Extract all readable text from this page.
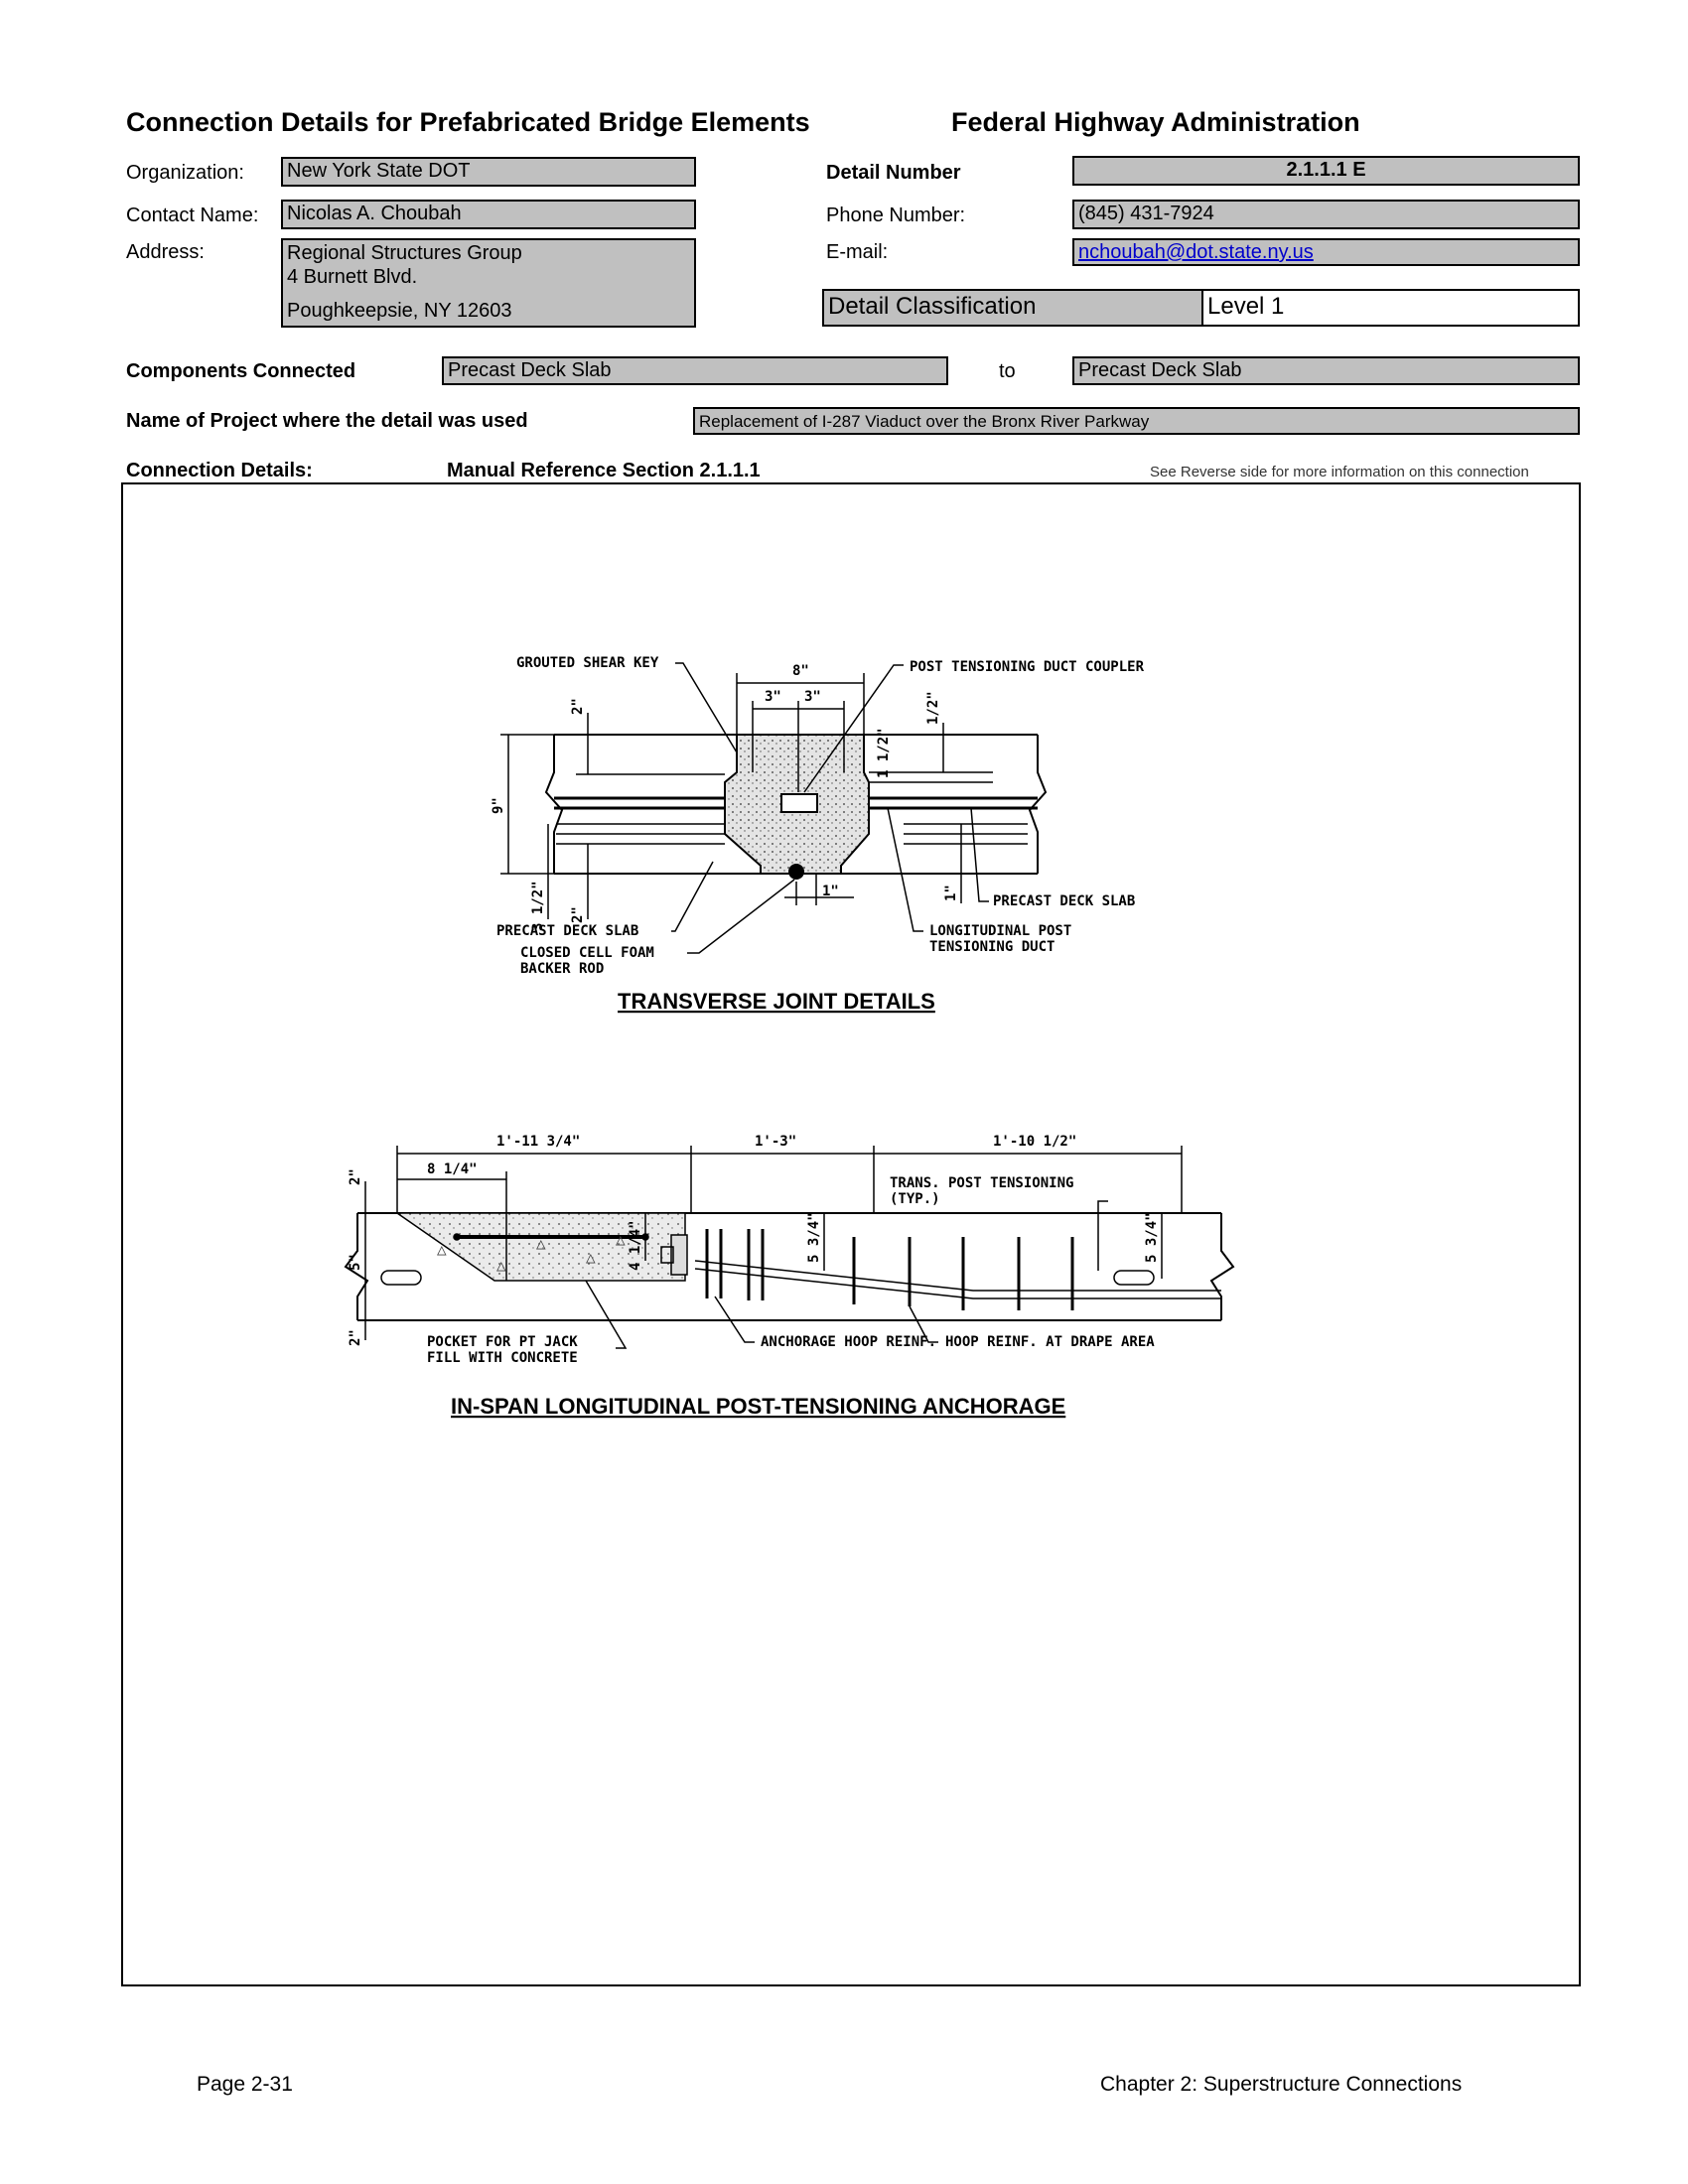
Connection Details for Prefabricated Bridge Elements	Federal Highway Administration
Organization:	New York State DOT
Contact Name:	Nicolas A. Choubah
Address:	Regional Structures Group
4 Burnett Blvd.
Poughkeepsie, NY 12603
Detail Number	2.1.1.1 E
Phone Number:	(845) 431-7924
E-mail:	nchoubah@dot.state.ny.us
Detail Classification	Level 1
Components Connected	Precast Deck Slab	to	Precast Deck Slab
Name of Project where the detail was used	Replacement of I-287 Viaduct over the Bronx River Parkway
Connection Details:	Manual Reference Section 2.1.1.1	See Reverse side for more information on this connection
GROUTED SHEAR KEY	POST TENSIONING DUCT COUPLER
8"
3" 3"
2"	1/2"
1 1/2"
9"
3 1/2" 2"
1"
1"
PRECAST DECK SLAB
CLOSED CELL FOAM
BACKER ROD
PRECAST DECK SLAB
LONGITUDINAL POST
TENSIONING DUCT
TRANSVERSE JOINT DETAILS
△
△
△
△
△
1'-11 3/4"	1'-3"	1'-10 1/2"
8 1/4"
2"
5"
2"
4 1/4"	5 3/4"	5 3/4"
TRANS. POST TENSIONING
(TYP.)
POCKET FOR PT JACK
FILL WITH CONCRETE
ANCHORAGE HOOP REINF. HOOP REINF. AT DRAPE AREA
IN-SPAN LONGITUDINAL POST-TENSIONING ANCHORAGE
Page 2-31	Chapter 2: Superstructure Connections
